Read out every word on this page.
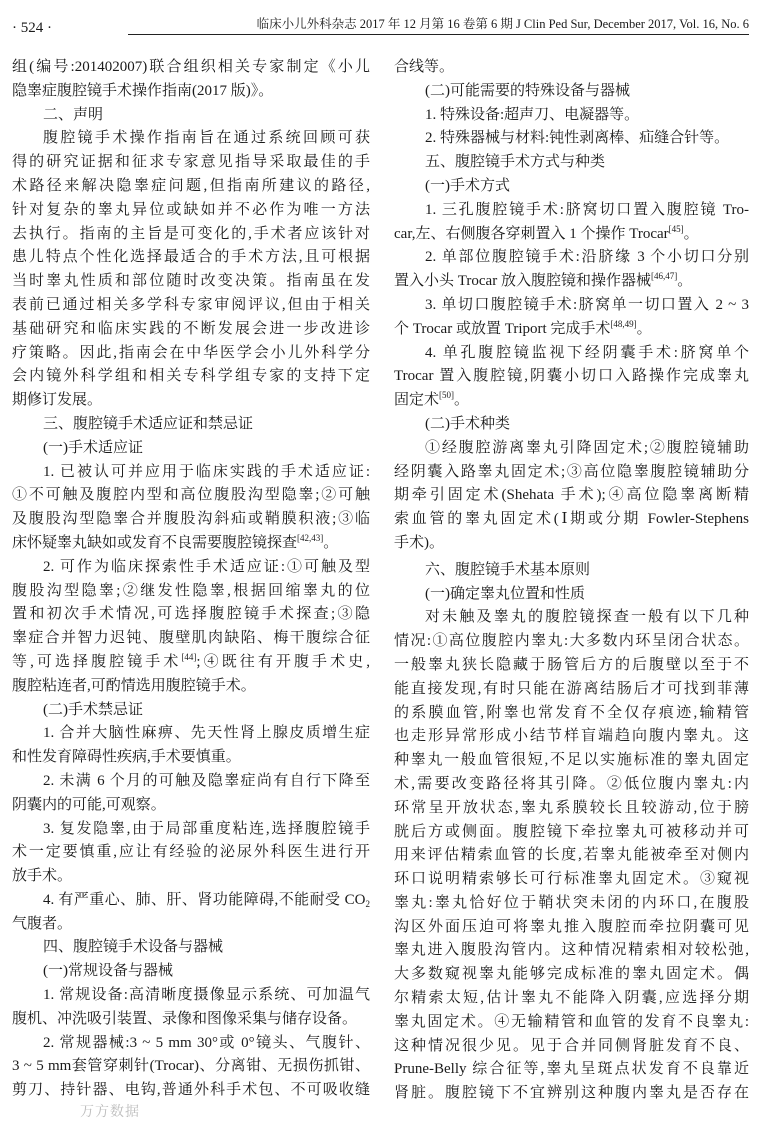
· 524 ·	临床小儿外科杂志 2017 年 12 月第 16 卷第 6 期 J Clin Ped Sur, December 2017, Vol. 16, No. 6
组(编号:201402007)联合组织相关专家制定《小儿
隐睾症腹腔镜手术操作指南(2017 版)》。
二、声明
腹腔镜手术操作指南旨在通过系统回顾可获
得的研究证据和征求专家意见指导采取最佳的手
术路径来解决隐睾症问题,但指南所建议的路径,
针对复杂的睾丸异位或缺如并不必作为唯一方法
去执行。指南的主旨是可变化的,手术者应该针对
患儿特点个性化选择最适合的手术方法,且可根据
当时睾丸性质和部位随时改变决策。指南虽在发
表前已通过相关多学科专家审阅评议,但由于相关
基础研究和临床实践的不断发展会进一步改进诊
疗策略。因此,指南会在中华医学会小儿外科学分
会内镜外科学组和相关专科学组专家的支持下定
期修订发展。
三、腹腔镜手术适应证和禁忌证
(一)手术适应证
1. 已被认可并应用于临床实践的手术适应证:
①不可触及腹腔内型和高位腹股沟型隐睾;②可触
及腹股沟型隐睾合并腹股沟斜疝或鞘膜积液;③临
床怀疑睾丸缺如或发育不良需要腹腔镜探查[42,43]。
2. 可作为临床探索性手术适应证:①可触及型
腹股沟型隐睾;②继发性隐睾,根据回缩睾丸的位
置和初次手术情况,可选择腹腔镜手术探查;③隐
睾症合并智力迟钝、腹壁肌肉缺陷、梅干腹综合征
等,可选择腹腔镜手术[44];④既往有开腹手术史,
腹腔粘连者,可酌情选用腹腔镜手术。
(二)手术禁忌证
1. 合并大脑性麻痹、先天性肾上腺皮质增生症
和性发育障碍性疾病,手术要慎重。
2. 未满 6 个月的可触及隐睾症尚有自行下降至
阴囊内的可能,可观察。
3. 复发隐睾,由于局部重度粘连,选择腹腔镜手
术一定要慎重,应让有经验的泌尿外科医生进行开
放手术。
4. 有严重心、肺、肝、肾功能障碍,不能耐受 $CO_2$
气腹者。
四、腹腔镜手术设备与器械
(一)常规设备与器械
1. 常规设备:高清晰度摄像显示系统、可加温气
腹机、冲洗吸引装置、录像和图像采集与储存设备。
2. 常规器械:3 ~ 5 mm 30°或 0°镜头、气腹针、
3 ~ 5 mm套管穿刺针(Trocar)、分离钳、无损伤抓钳、
剪刀、持针器、电钩,普通外科手术包、不可吸收缝
合线等。
(二)可能需要的特殊设备与器械
1. 特殊设备:超声刀、电凝器等。
2. 特殊器械与材料:钝性剥离棒、疝缝合针等。
五、腹腔镜手术方式与种类
(一)手术方式
1. 三孔腹腔镜手术:脐窝切口置入腹腔镜 Tro-
car,左、右侧腹各穿刺置入 1 个操作 Trocar[45]。
2. 单部位腹腔镜手术:沿脐缘 3 个小切口分别
置入小头 Trocar 放入腹腔镜和操作器械[46,47]。
3. 单切口腹腔镜手术:脐窝单一切口置入 2 ~ 3
个 Trocar 或放置 Triport 完成手术[48,49]。
4. 单孔腹腔镜监视下经阴囊手术:脐窝单个
Trocar 置入腹腔镜,阴囊小切口入路操作完成睾丸
固定术[50]。
(二)手术种类
①经腹腔游离睾丸引降固定术;②腹腔镜辅助
经阴囊入路睾丸固定术;③高位隐睾腹腔镜辅助分
期牵引固定术(Shehata 手术);④高位隐睾离断精
索血管的睾丸固定术(Ⅰ期或分期 Fowler-Stephens
手术)。
六、腹腔镜手术基本原则
(一)确定睾丸位置和性质
对未触及睾丸的腹腔镜探查一般有以下几种
情况:①高位腹腔内睾丸:大多数内环呈闭合状态。
一般睾丸狭长隐藏于肠管后方的后腹壁以至于不
能直接发现,有时只能在游离结肠后才可找到菲薄
的系膜血管,附睾也常发育不全仅存痕迹,输精管
也走形异常形成小结节样盲端趋向腹内睾丸。这
种睾丸一般血管很短,不足以实施标准的睾丸固定
术,需要改变路径将其引降。②低位腹内睾丸:内
环常呈开放状态,睾丸系膜较长且较游动,位于膀
胱后方或侧面。腹腔镜下牵拉睾丸可被移动并可
用来评估精索血管的长度,若睾丸能被牵至对侧内
环口说明精索够长可行标准睾丸固定术。③窥视
睾丸:睾丸恰好位于鞘状突未闭的内环口,在腹股
沟区外面压迫可将睾丸推入腹腔而牵拉阴囊可见
睾丸进入腹股沟管内。这种情况精索相对较松弛,
大多数窥视睾丸能够完成标准的睾丸固定术。偶
尔精索太短,估计睾丸不能降入阴囊,应选择分期
睾丸固定术。④无输精管和血管的发育不良睾丸:
这种情况很少见。见于合并同侧肾脏发育不良、
Prune-Belly 综合征等,睾丸呈斑点状发育不良靠近
肾脏。腹腔镜下不宜辨别这种腹内睾丸是否存在
万方数据
